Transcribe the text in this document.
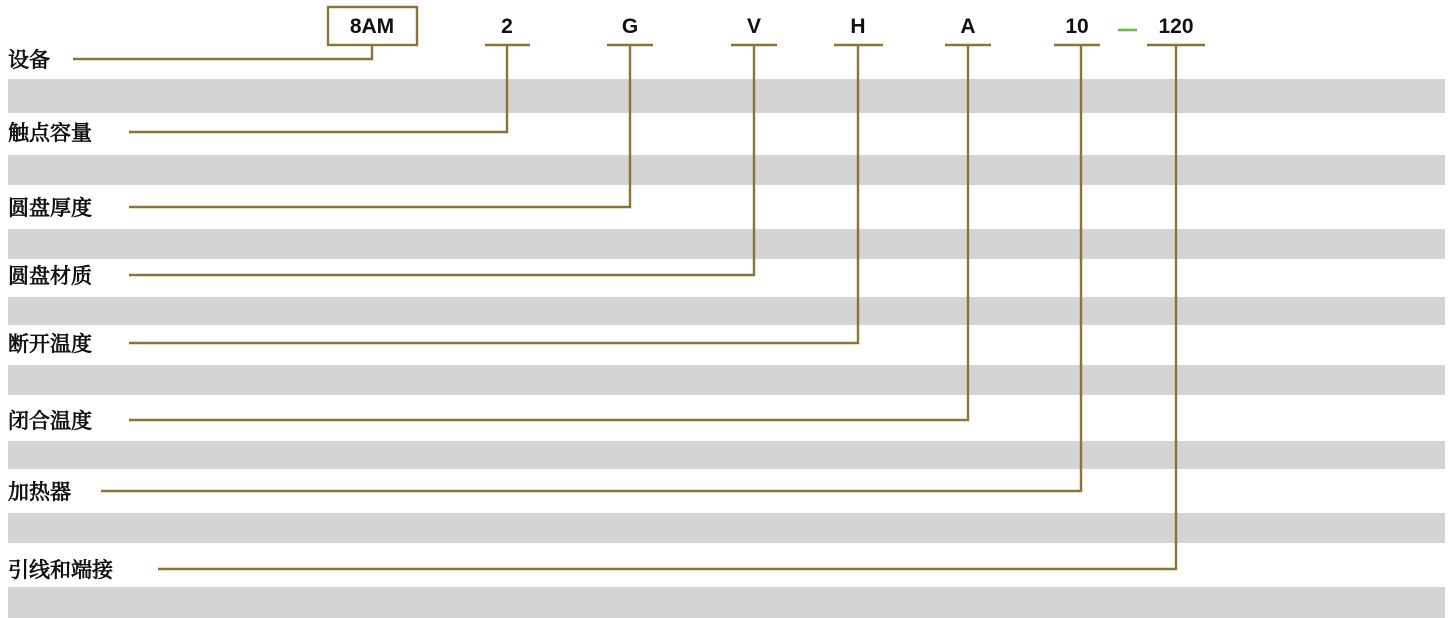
8AM	2	G	V	H	A	10	120
设备
触点容量
圆盘厚度
圆盘材质
断开温度
闭合温度
加热器
引线和端接
